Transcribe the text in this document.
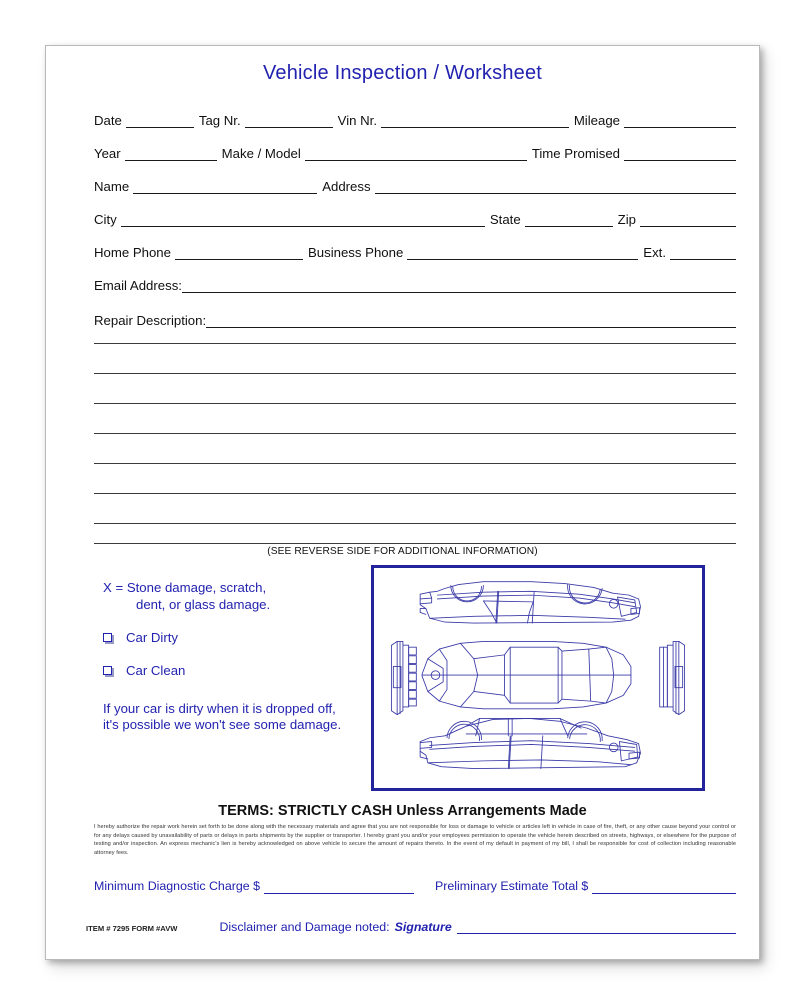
Vehicle Inspection / Worksheet
Date	Tag Nr.	Vin Nr.	Mileage
Year	Make / Model	Time Promised
Name	Address
City	State	Zip
Home Phone	Business Phone	Ext.
Email Address:
Repair Description:
(SEE REVERSE SIDE FOR ADDITIONAL INFORMATION)
X = Stone damage, scratch,
dent, or glass damage.
Car Dirty
Car Clean
If your car is dirty when it is dropped off,
it's possible we won't see some damage.
TERMS: STRICTLY CASH Unless Arrangements Made
I hereby authorize the repair work herein set forth to be done along with the necessary materials and agree that you are not responsible for loss or damage to vehicle or articles left in vehicle in case of fire, theft, or any other cause beyond your control or for any delays caused by unavailability of parts or delays in parts shipments by the supplier or transporter. I hereby grant you and/or your employees permission to operate the vehicle herein described on streets, highways, or elsewhere for the purpose of testing and/or inspection. An express mechanic's lien is hereby acknowledged on above vehicle to secure the amount of repairs thereto. In the event of my default in payment of my bill, I shall be responsible for cost of collection including reasonable attorney fees.
Minimum Diagnostic Charge $	Preliminary Estimate Total $
ITEM # 7295 FORM #AVW	Disclaimer and Damage noted: Signature
